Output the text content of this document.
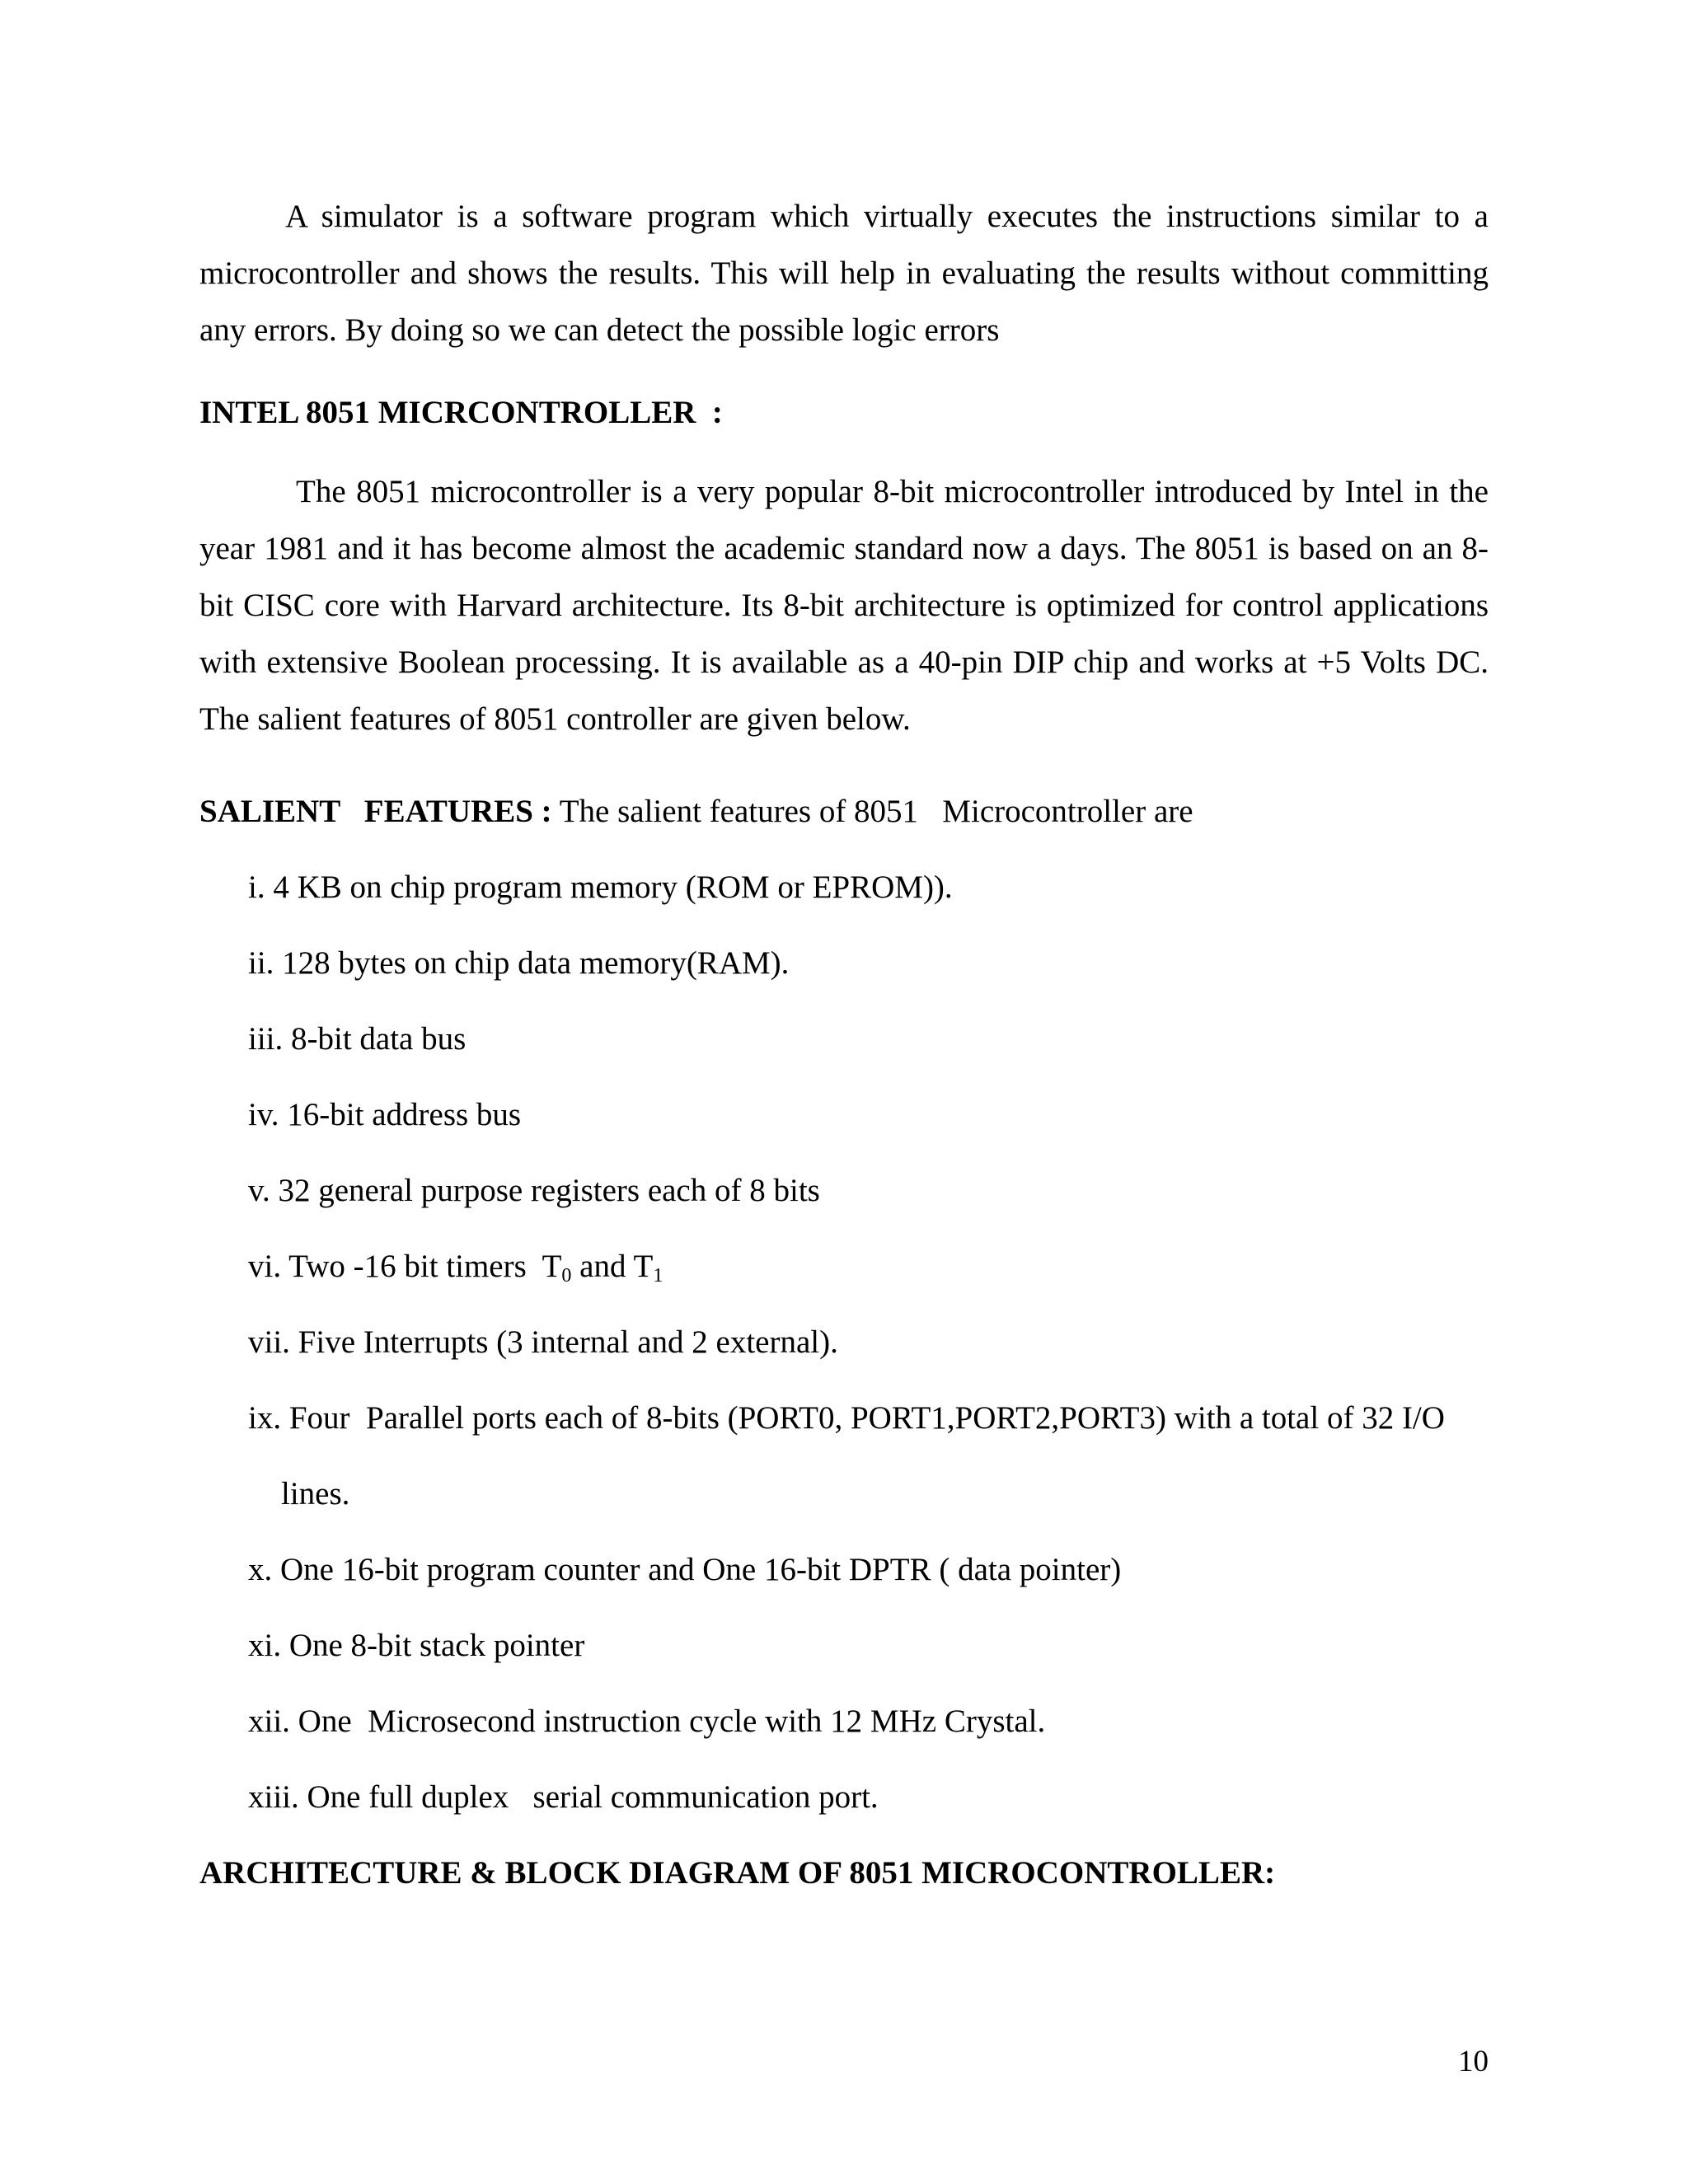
A simulator is a software program which virtually executes the instructions similar to a microcontroller and shows the results. This will help in evaluating the results without committing any errors. By doing so we can detect the possible logic errors

INTEL 8051 MICRCONTROLLER  :

The 8051 microcontroller is a very popular 8-bit microcontroller introduced by Intel in the year 1981 and it has become almost the academic standard now a days. The 8051 is based on an 8-bit CISC core with Harvard architecture. Its 8-bit architecture is optimized for control applications with extensive Boolean processing. It is available as a 40-pin DIP chip and works at +5 Volts DC. The salient features of 8051 controller are given below.

SALIENT   FEATURES : The salient features of 8051   Microcontroller are

i. 4 KB on chip program memory (ROM or EPROM)).

ii. 128 bytes on chip data memory(RAM).

iii. 8-bit data bus

iv. 16-bit address bus

v. 32 general purpose registers each of 8 bits

vi. Two -16 bit timers  $T_0$ and $T_1$

vii. Five Interrupts (3 internal and 2 external).

ix. Four  Parallel ports each of 8-bits (PORT0, PORT1,PORT2,PORT3) with a total of 32 I/O

lines.

x. One 16-bit program counter and One 16-bit DPTR ( data pointer)

xi. One 8-bit stack pointer

xii. One  Microsecond instruction cycle with 12 MHz Crystal.

xiii. One full duplex   serial communication port.

ARCHITECTURE & BLOCK DIAGRAM OF 8051 MICROCONTROLLER:

10
